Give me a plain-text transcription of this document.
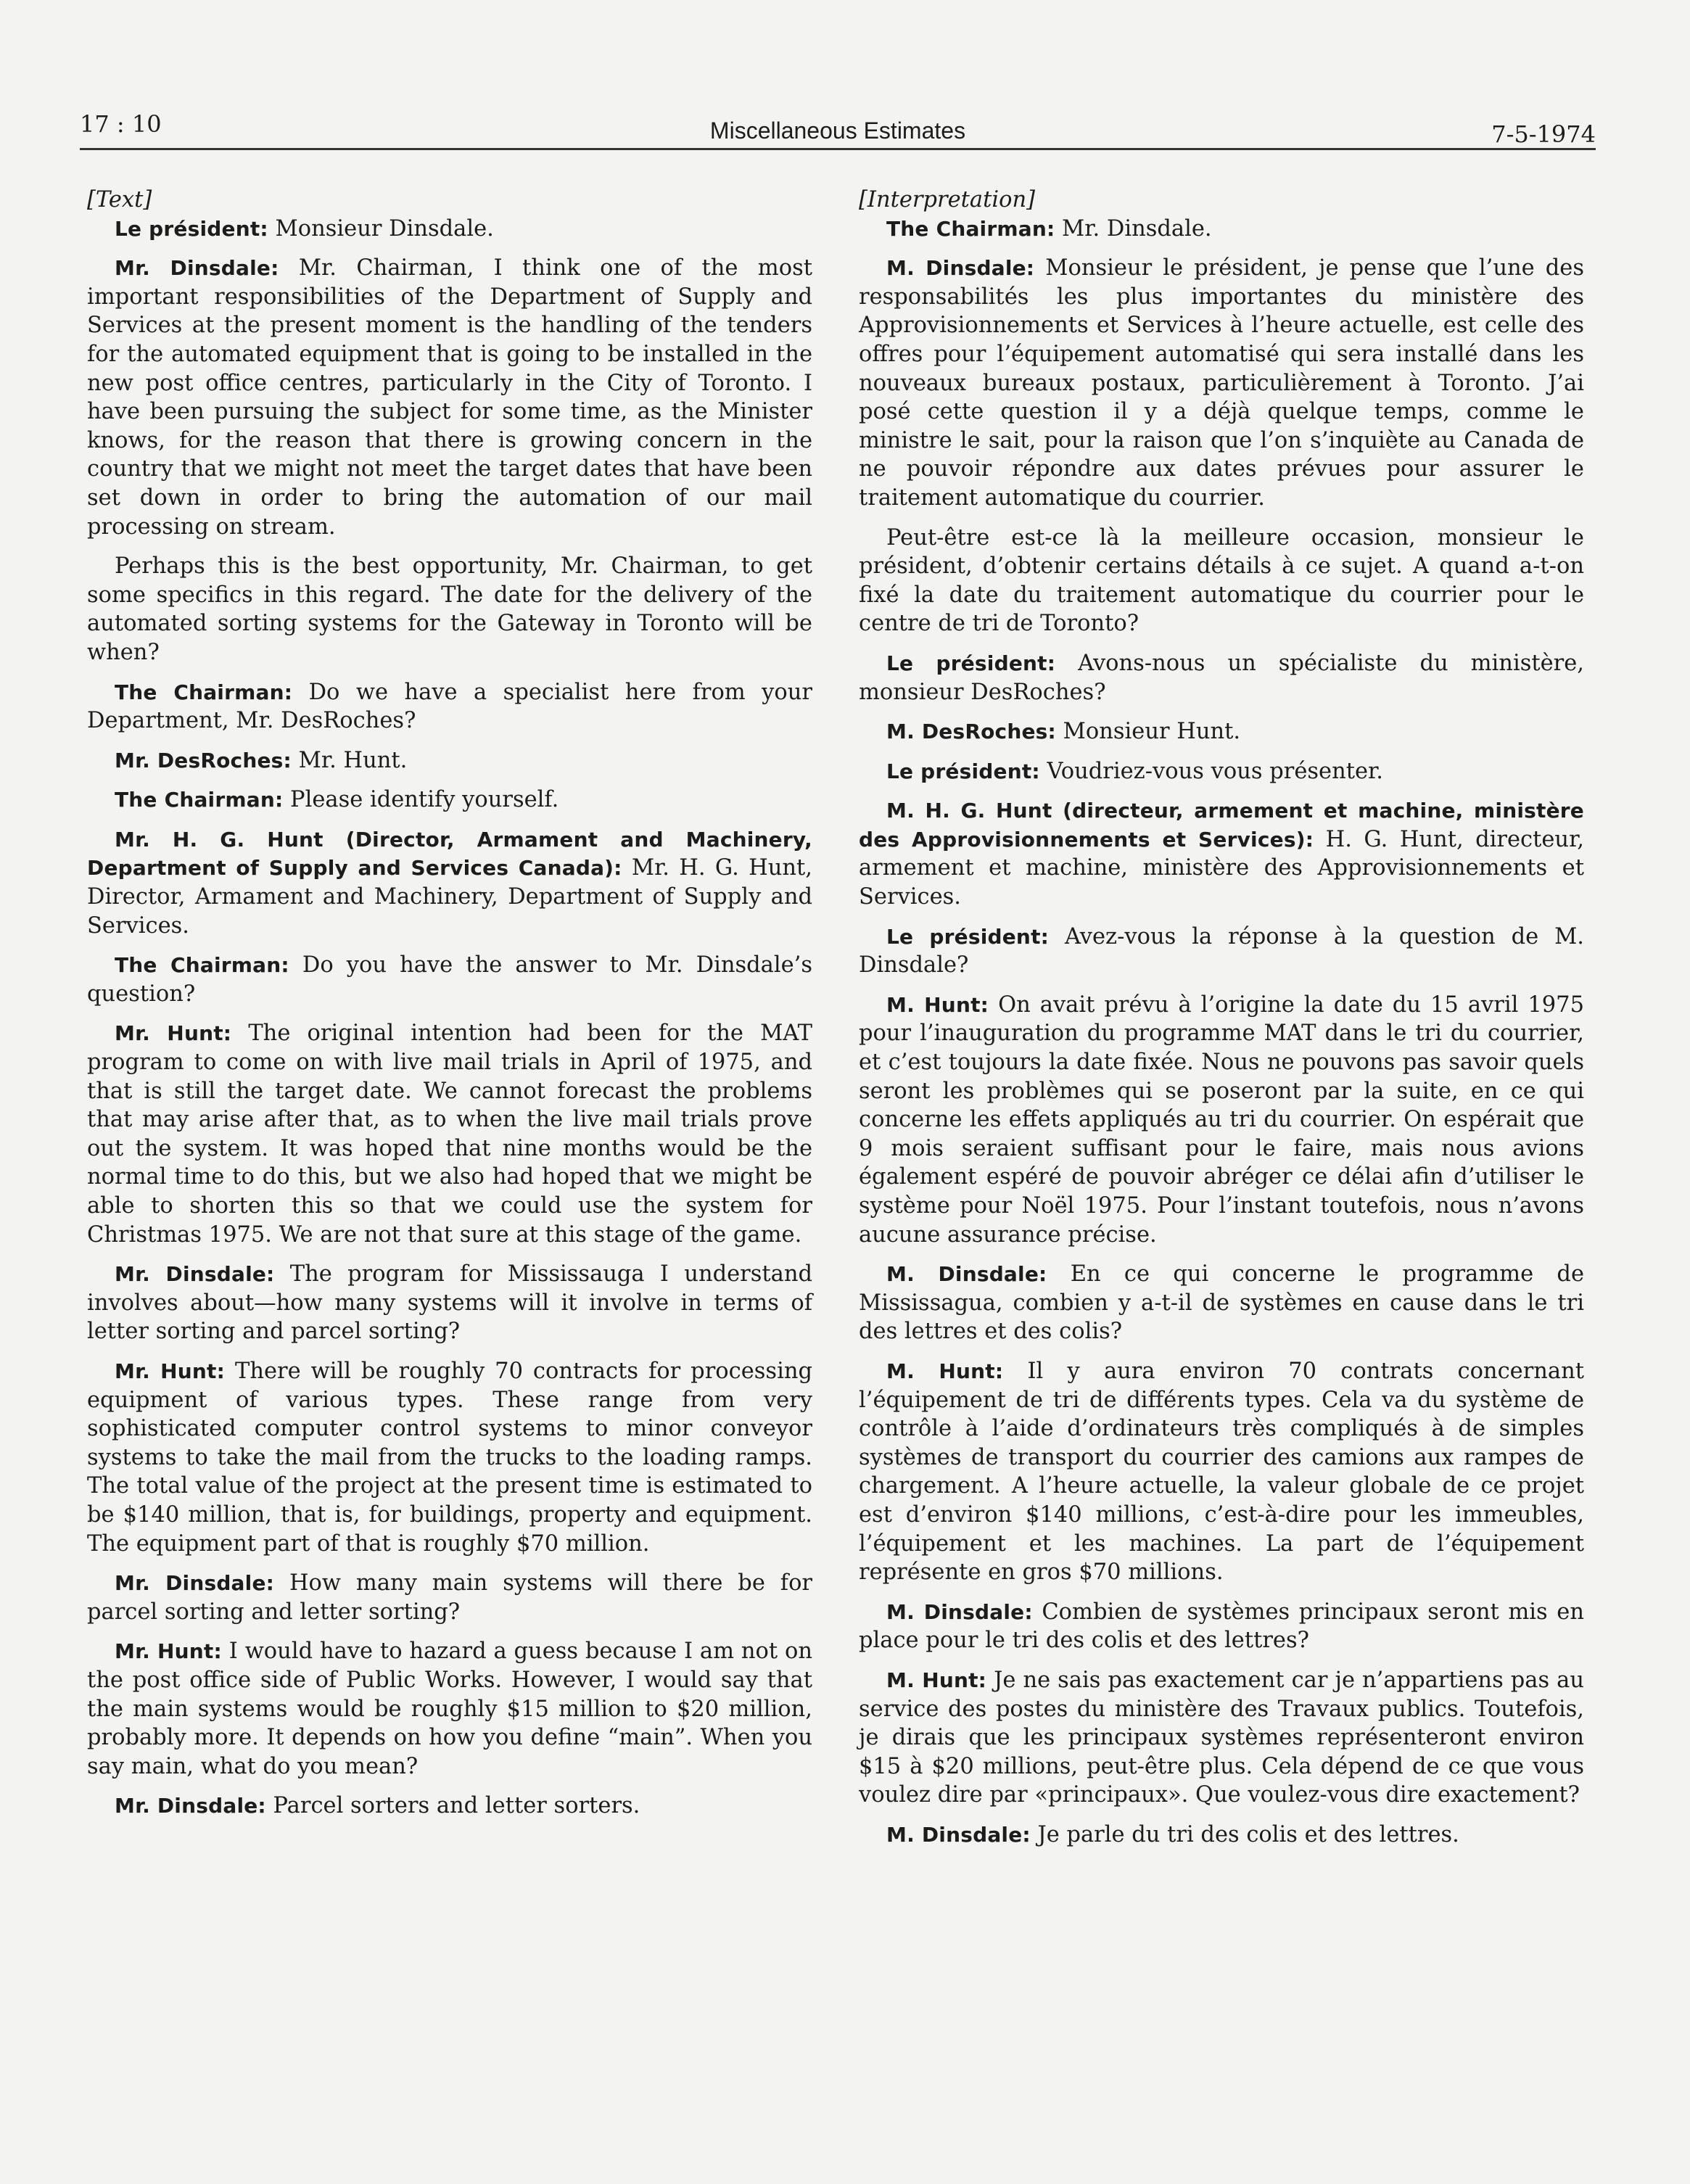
17 : 10	Miscellaneous Estimates	7-5-1974

[Text]

Le président: Monsieur Dinsdale.

Mr. Dinsdale: Mr. Chairman, I think one of the most important responsibilities of the Department of Supply and Services at the present moment is the handling of the tenders for the automated equipment that is going to be installed in the new post office centres, particularly in the City of Toronto. I have been pursuing the subject for some time, as the Minister knows, for the reason that there is growing concern in the country that we might not meet the target dates that have been set down in order to bring the automation of our mail processing on stream.

Perhaps this is the best opportunity, Mr. Chairman, to get some specifics in this regard. The date for the delivery of the automated sorting systems for the Gateway in Toronto will be when?

The Chairman: Do we have a specialist here from your Department, Mr. DesRoches?

Mr. DesRoches: Mr. Hunt.

The Chairman: Please identify yourself.

Mr. H. G. Hunt (Director, Armament and Machinery, Department of Supply and Services Canada): Mr. H. G. Hunt, Director, Armament and Machinery, Department of Supply and Services.

The Chairman: Do you have the answer to Mr. Dinsdale’s question?

Mr. Hunt: The original intention had been for the MAT program to come on with live mail trials in April of 1975, and that is still the target date. We cannot forecast the problems that may arise after that, as to when the live mail trials prove out the system. It was hoped that nine months would be the normal time to do this, but we also had hoped that we might be able to shorten this so that we could use the system for Christmas 1975. We are not that sure at this stage of the game.

Mr. Dinsdale: The program for Mississauga I understand involves about—how many systems will it involve in terms of letter sorting and parcel sorting?

Mr. Hunt: There will be roughly 70 contracts for processing equipment of various types. These range from very sophisticated computer control systems to minor conveyor systems to take the mail from the trucks to the loading ramps. The total value of the project at the present time is estimated to be $140 million, that is, for buildings, property and equipment. The equipment part of that is roughly $70 million.

Mr. Dinsdale: How many main systems will there be for parcel sorting and letter sorting?

Mr. Hunt: I would have to hazard a guess because I am not on the post office side of Public Works. However, I would say that the main systems would be roughly $15 million to $20 million, probably more. It depends on how you define “main”. When you say main, what do you mean?

Mr. Dinsdale: Parcel sorters and letter sorters.

[Interpretation]

The Chairman: Mr. Dinsdale.

M. Dinsdale: Monsieur le président, je pense que l’une des responsabilités les plus importantes du ministère des Approvisionnements et Services à l’heure actuelle, est celle des offres pour l’équipement automatisé qui sera installé dans les nouveaux bureaux postaux, particulièrement à Toronto. J’ai posé cette question il y a déjà quelque temps, comme le ministre le sait, pour la raison que l’on s’inquiète au Canada de ne pouvoir répondre aux dates prévues pour assurer le traitement automatique du courrier.

Peut-être est-ce là la meilleure occasion, monsieur le président, d’obtenir certains détails à ce sujet. A quand a-t-on fixé la date du traitement automatique du courrier pour le centre de tri de Toronto?

Le président: Avons-nous un spécialiste du ministère, monsieur DesRoches?

M. DesRoches: Monsieur Hunt.

Le président: Voudriez-vous vous présenter.

M. H. G. Hunt (directeur, armement et machine, ministère des Approvisionnements et Services): H. G. Hunt, directeur, armement et machine, ministère des Approvisionnements et Services.

Le président: Avez-vous la réponse à la question de M. Dinsdale?

M. Hunt: On avait prévu à l’origine la date du 15 avril 1975 pour l’inauguration du programme MAT dans le tri du courrier, et c’est toujours la date fixée. Nous ne pouvons pas savoir quels seront les problèmes qui se poseront par la suite, en ce qui concerne les effets appliqués au tri du courrier. On espérait que 9 mois seraient suffisant pour le faire, mais nous avions également espéré de pouvoir abréger ce délai afin d’utiliser le système pour Noël 1975. Pour l’instant toutefois, nous n’avons aucune assurance précise.

M. Dinsdale: En ce qui concerne le programme de Mississagua, combien y a-t-il de systèmes en cause dans le tri des lettres et des colis?

M. Hunt: Il y aura environ 70 contrats concernant l’équipement de tri de différents types. Cela va du système de contrôle à l’aide d’ordinateurs très compliqués à de simples systèmes de transport du courrier des camions aux rampes de chargement. A l’heure actuelle, la valeur globale de ce projet est d’environ $140 millions, c’est-à-dire pour les immeubles, l’équipement et les machines. La part de l’équipement représente en gros $70 millions.

M. Dinsdale: Combien de systèmes principaux seront mis en place pour le tri des colis et des lettres?

M. Hunt: Je ne sais pas exactement car je n’appartiens pas au service des postes du ministère des Travaux publics. Toutefois, je dirais que les principaux systèmes représenteront environ $15 à $20 millions, peut-être plus. Cela dépend de ce que vous voulez dire par «principaux». Que voulez-vous dire exactement?

M. Dinsdale: Je parle du tri des colis et des lettres.
